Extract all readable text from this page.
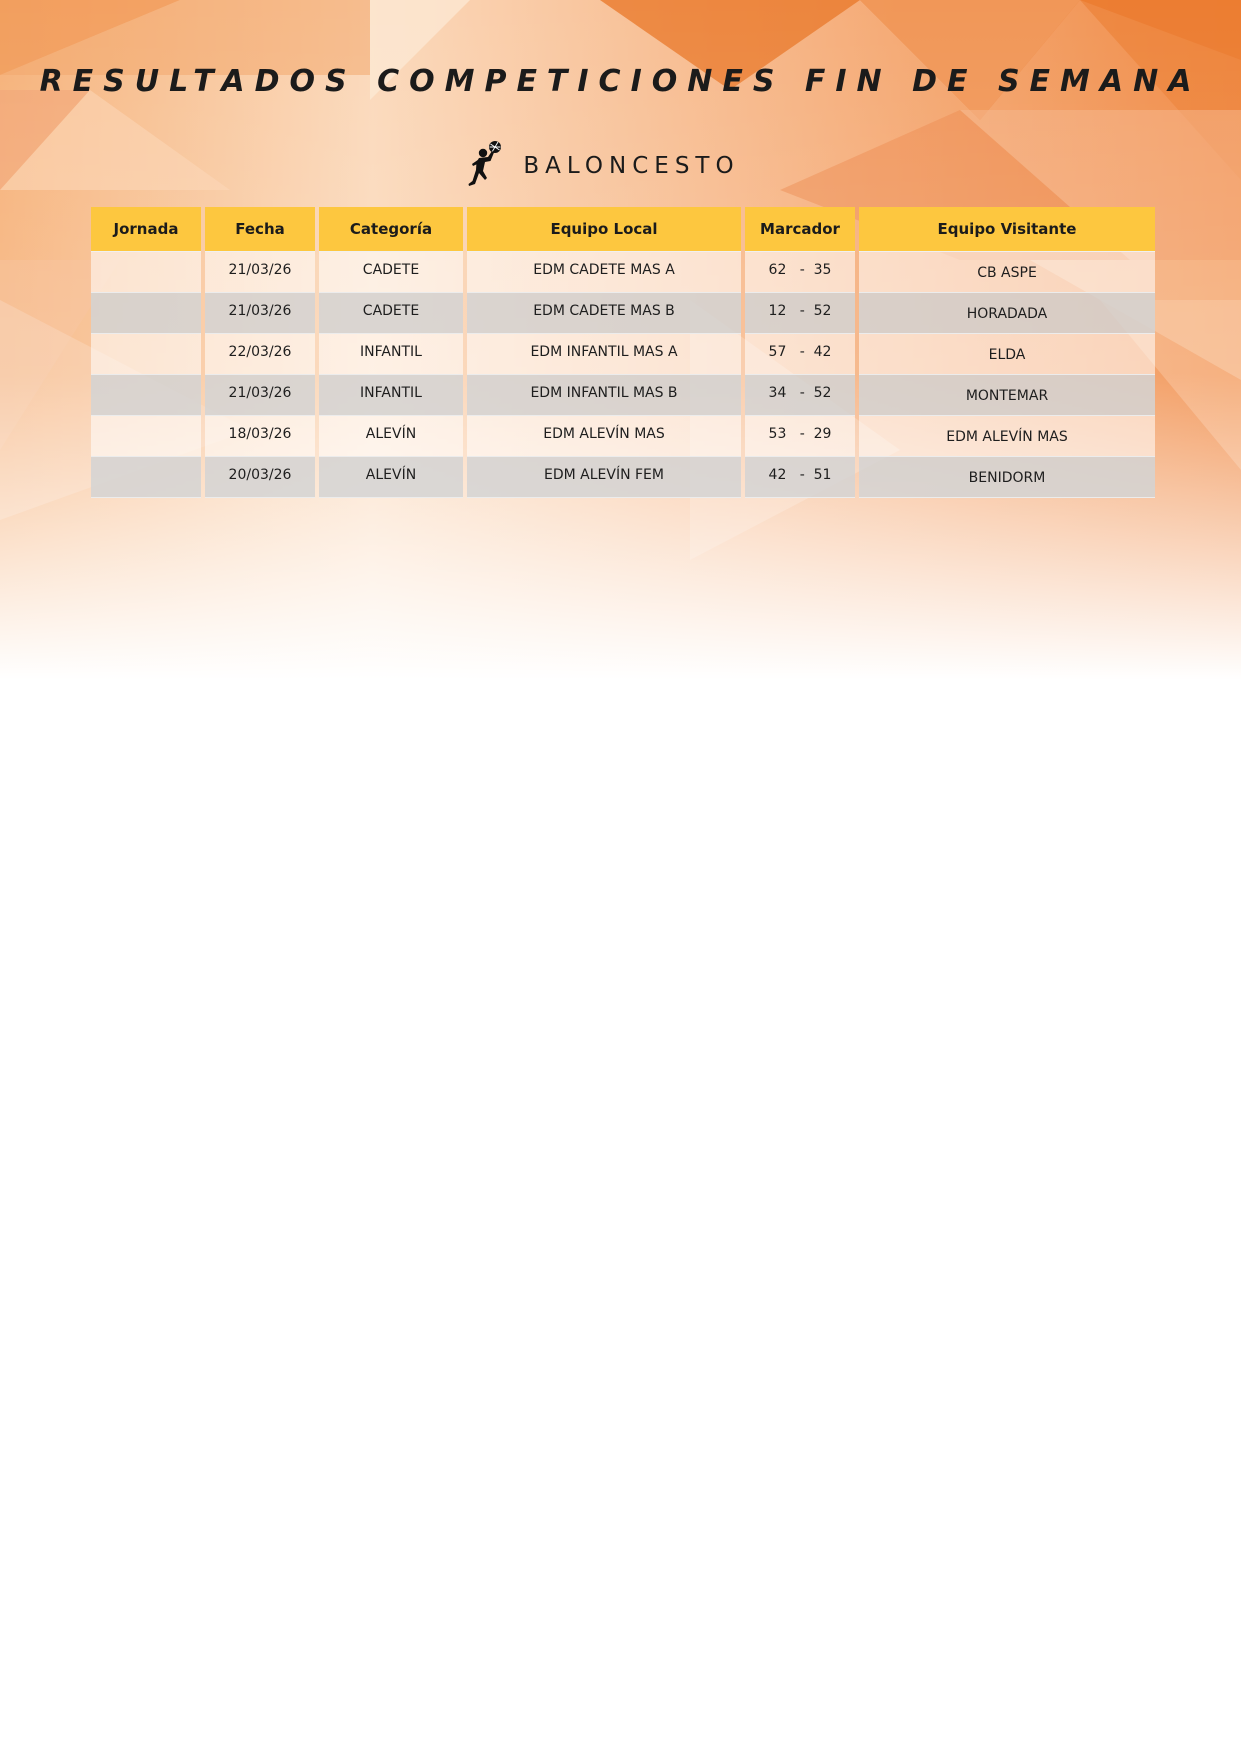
RESULTADOS COMPETICIONES FIN DE SEMANA
BALONCESTO
Jornada	Fecha	Categoría	Equipo Local	Marcador	Equipo Visitante
	21/03/26	CADETE	EDM CADETE MAS A	62   -  35	CB ASPE
	21/03/26	CADETE	EDM CADETE MAS B	12   -  52	HORADADA
	22/03/26	INFANTIL	EDM INFANTIL MAS A	57   -  42	ELDA
	21/03/26	INFANTIL	EDM INFANTIL MAS B	34   -  52	MONTEMAR
	18/03/26	ALEVÍN	EDM ALEVÍN MAS	53   -  29	EDM ALEVÍN MAS
	20/03/26	ALEVÍN	EDM ALEVÍN FEM	42   -  51	BENIDORM
